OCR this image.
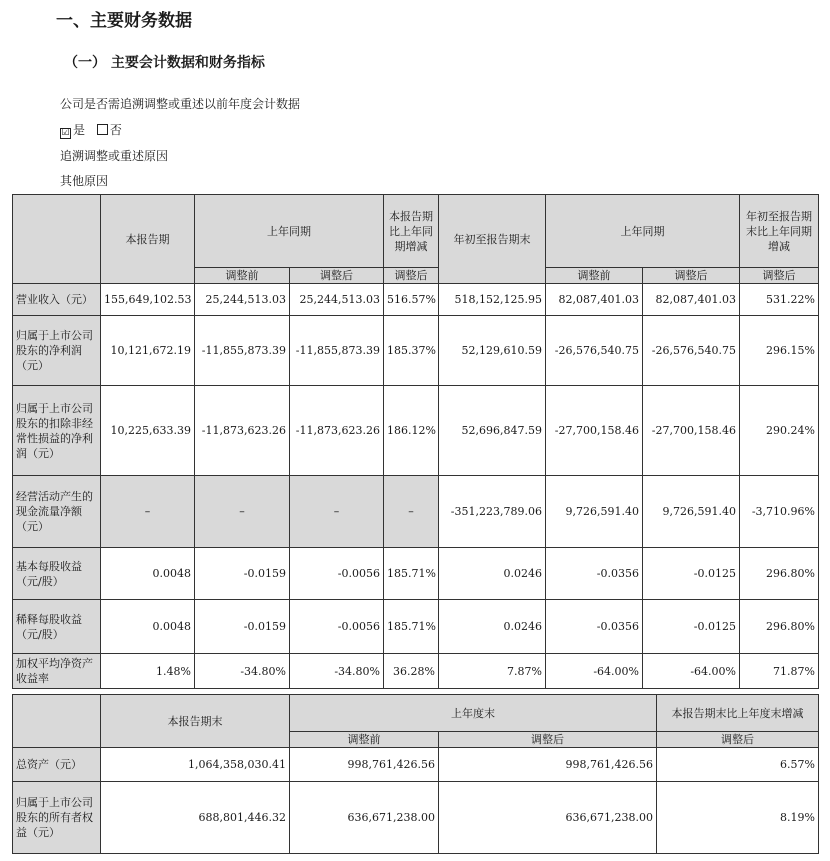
一、主要财务数据
（一） 主要会计数据和财务指标
公司是否需追溯调整或重述以前年度会计数据
☑ 是 否
追溯调整或重述原因
其他原因
	本报告期	上年同期		本报告期比上年同期增减	年初至报告期末	上年同期		年初至报告期末比上年同期增减
		调整前	调整后	调整后		调整前	调整后	调整后
营业收入（元）	155,649,102.53	25,244,513.03	25,244,513.03	516.57%	518,152,125.95	82,087,401.03	82,087,401.03	531.22%
归属于上市公司股东的净利润（元）	10,121,672.19	-11,855,873.39	-11,855,873.39	185.37%	52,129,610.59	-26,576,540.75	-26,576,540.75	296.15%
归属于上市公司股东的扣除非经常性损益的净利润（元）	10,225,633.39	-11,873,623.26	-11,873,623.26	186.12%	52,696,847.59	-27,700,158.46	-27,700,158.46	290.24%
经营活动产生的现金流量净额（元）	–	–	–	–	-351,223,789.06	9,726,591.40	9,726,591.40	-3,710.96%
基本每股收益（元/股）	0.0048	-0.0159	-0.0056	185.71%	0.0246	-0.0356	-0.0125	296.80%
稀释每股收益（元/股）	0.0048	-0.0159	-0.0056	185.71%	0.0246	-0.0356	-0.0125	296.80%
加权平均净资产收益率	1.48%	-34.80%	-34.80%	36.28%	7.87%	-64.00%	-64.00%	71.87%
	本报告期末	上年度末		本报告期末比上年度末增减
		调整前	调整后	调整后
总资产（元）	1,064,358,030.41	998,761,426.56	998,761,426.56	6.57%
归属于上市公司股东的所有者权益（元）	688,801,446.32	636,671,238.00	636,671,238.00	8.19%
